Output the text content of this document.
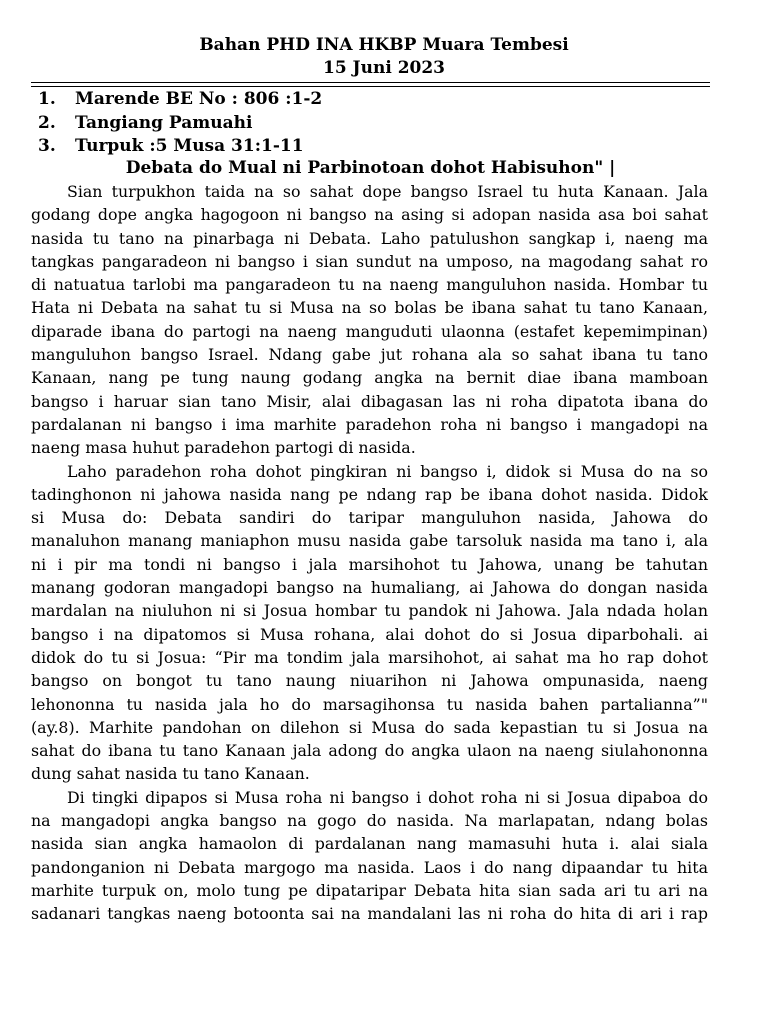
Bahan PHD INA HKBP Muara Tembesi
15 Juni 2023
1. Marende BE No : 806 :1-2
2. Tangiang Pamuahi
3. Turpuk :5 Musa 31:1-11
Debata do Mual ni Parbinotoan dohot Habisuhon" |
Sian turpukhon taida na so sahat dope bangso Israel tu huta Kanaan. Jala
godang dope angka hagogoon ni bangso na asing si adopan nasida asa boi sahat
nasida tu tano na pinarbaga ni Debata. Laho patulushon sangkap i, naeng ma
tangkas pangaradeon ni bangso i sian sundut na umposo, na magodang sahat ro
di natuatua tarlobi ma pangaradeon tu na naeng manguluhon nasida. Hombar tu
Hata ni Debata na sahat tu si Musa na so bolas be ibana sahat tu tano Kanaan,
diparade ibana do partogi na naeng manguduti ulaonna (estafet kepemimpinan)
manguluhon bangso Israel. Ndang gabe jut rohana ala so sahat ibana tu tano
Kanaan, nang pe tung naung godang angka na bernit diae ibana mamboan
bangso i haruar sian tano Misir, alai dibagasan las ni roha dipatota ibana do
pardalanan ni bangso i ima marhite paradehon roha ni bangso i mangadopi na
naeng masa huhut paradehon partogi di nasida.
Laho paradehon roha dohot pingkiran ni bangso i, didok si Musa do na so
tadinghonon ni jahowa nasida nang pe ndang rap be ibana dohot nasida. Didok
si Musa do: Debata sandiri do taripar manguluhon nasida, Jahowa do
manaluhon manang maniaphon musu nasida gabe tarsoluk nasida ma tano i, ala
ni i pir ma tondi ni bangso i jala marsihohot tu Jahowa, unang be tahutan
manang godoran mangadopi bangso na humaliang, ai Jahowa do dongan nasida
mardalan na niuluhon ni si Josua hombar tu pandok ni Jahowa. Jala ndada holan
bangso i na dipatomos si Musa rohana, alai dohot do si Josua diparbohali. ai
didok do tu si Josua: “Pir ma tondim jala marsihohot, ai sahat ma ho rap dohot
bangso on bongot tu tano naung niuarihon ni Jahowa ompunasida, naeng
lehononna tu nasida jala ho do marsagihonsa tu nasida bahen partalianna”"
(ay.8). Marhite pandohan on dilehon si Musa do sada kepastian tu si Josua na
sahat do ibana tu tano Kanaan jala adong do angka ulaon na naeng siulahononna
dung sahat nasida tu tano Kanaan.
Di tingki dipapos si Musa roha ni bangso i dohot roha ni si Josua dipaboa do
na mangadopi angka bangso na gogo do nasida. Na marlapatan, ndang bolas
nasida sian angka hamaolon di pardalanan nang mamasuhi huta i. alai siala
pandonganion ni Debata margogo ma nasida. Laos i do nang dipaandar tu hita
marhite turpuk on, molo tung pe dipataripar Debata hita sian sada ari tu ari na
sadanari tangkas naeng botoonta sai na mandalani las ni roha do hita di ari i rap
